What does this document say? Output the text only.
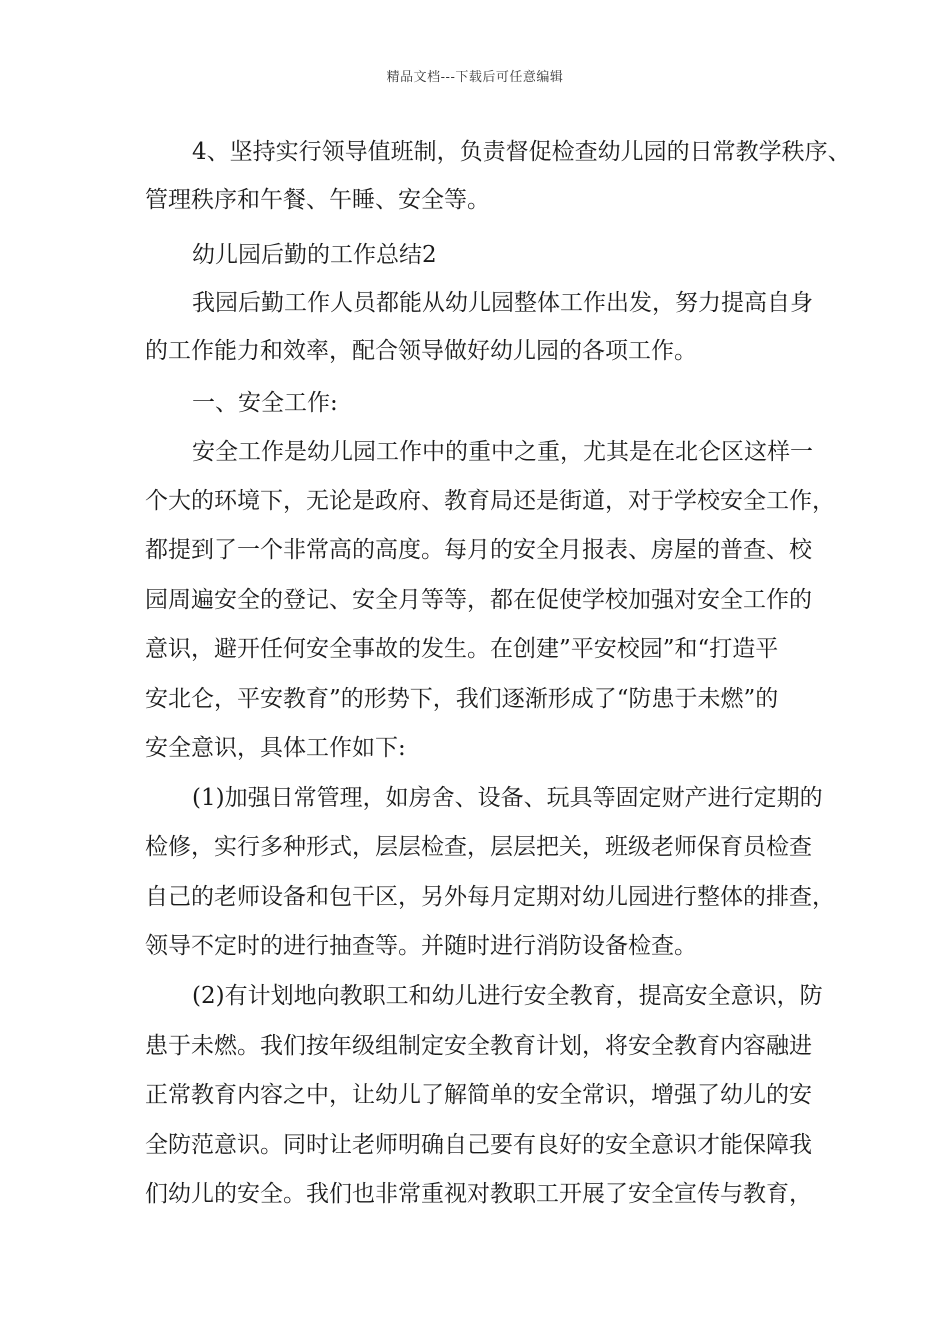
精品文档---下载后可任意编辑
4、坚持实行领导值班制，负责督促检查幼儿园的日常教学秩序、
管理秩序和午餐、午睡、安全等。
幼儿园后勤的工作总结2
我园后勤工作人员都能从幼儿园整体工作出发，努力提高自身
的工作能力和效率，配合领导做好幼儿园的各项工作。
一、安全工作:
安全工作是幼儿园工作中的重中之重，尤其是在北仑区这样一
个大的环境下，无论是政府、教育局还是街道，对于学校安全工作，
都提到了一个非常高的高度。每月的安全月报表、房屋的普查、校
园周遍安全的登记、安全月等等，都在促使学校加强对安全工作的
意识，避开任何安全事故的发生。在创建”平安校园”和“打造平
安北仑，平安教育”的形势下，我们逐渐形成了“防患于未燃”的
安全意识，具体工作如下:
(1)加强日常管理，如房舍、设备、玩具等固定财产进行定期的
检修，实行多种形式，层层检查，层层把关，班级老师保育员检查
自己的老师设备和包干区，另外每月定期对幼儿园进行整体的排查，
领导不定时的进行抽查等。并随时进行消防设备检查。
(2)有计划地向教职工和幼儿进行安全教育，提高安全意识，防
患于未燃。我们按年级组制定安全教育计划，将安全教育内容融进
正常教育内容之中，让幼儿了解简单的安全常识，增强了幼儿的安
全防范意识。同时让老师明确自己要有良好的安全意识才能保障我
们幼儿的安全。我们也非常重视对教职工开展了安全宣传与教育，
